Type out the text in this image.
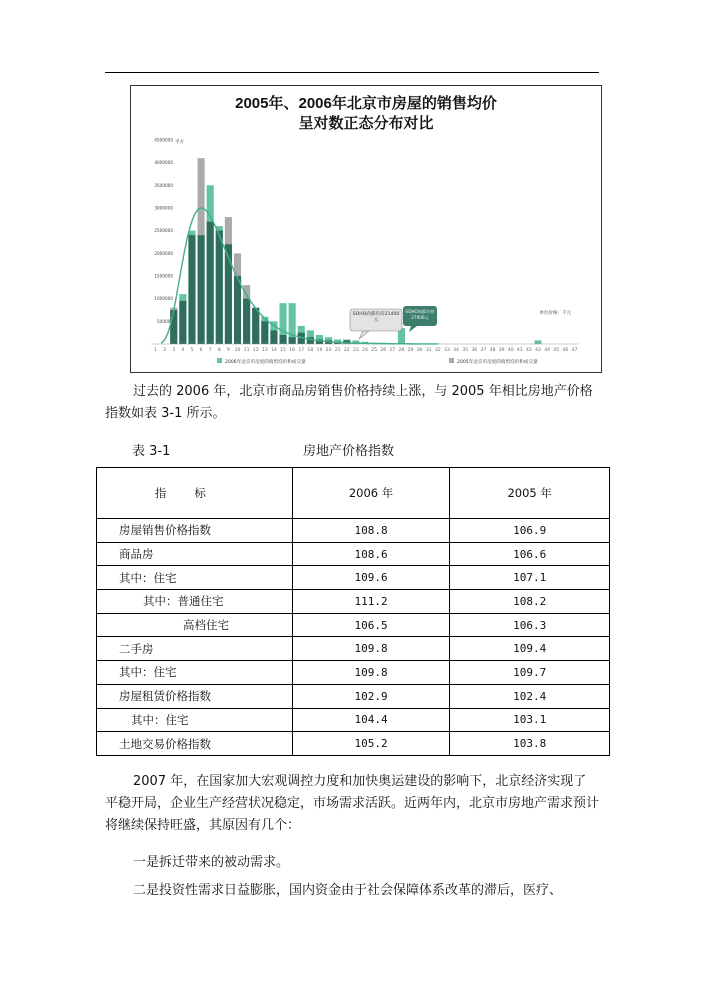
2005年、2006年北京市房屋的销售均价
呈对数正态分布对比
平方
单位价格：千元
500000
1000000
1500000
2000000
2500000
3000000
3500000
4000000
4500000
1 2 3 4 5 6 7 8 9 10 11 12 13 14 15 16 17 18 19 20 21 22 23 24 25 26 27 28 29 30 31 32 33 34 35 36 37 38 39 40 41 42 43 44 45 46 47
SOHO尚都均价21400元
SOHO尚都均价27000元
2006年北京市房屋的销售均价和成交量	2005年北京市房屋的销售均价和成交量

过去的 2006 年，北京市商品房销售价格持续上涨，与 2005 年相比房地产价格指数如表 3-1 所示。

表 3-1	房地产价格指数
指标	2006 年	2005 年
房屋销售价格指数	108.8	106.9
商品房	108.6	106.6
其中：住宅	109.6	107.1
其中：普通住宅	111.2	108.2
高档住宅	106.5	106.3
二手房	109.8	109.4
其中：住宅	109.8	109.7
房屋租赁价格指数	102.9	102.4
其中：住宅	104.4	103.1
土地交易价格指数	105.2	103.8

2007 年，在国家加大宏观调控力度和加快奥运建设的影响下，北京经济实现了平稳开局，企业生产经营状况稳定，市场需求活跃。近两年内，北京市房地产需求预计将继续保持旺盛，其原因有几个：

一是拆迁带来的被动需求。

二是投资性需求日益膨胀，国内资金由于社会保障体系改革的滞后，医疗、
